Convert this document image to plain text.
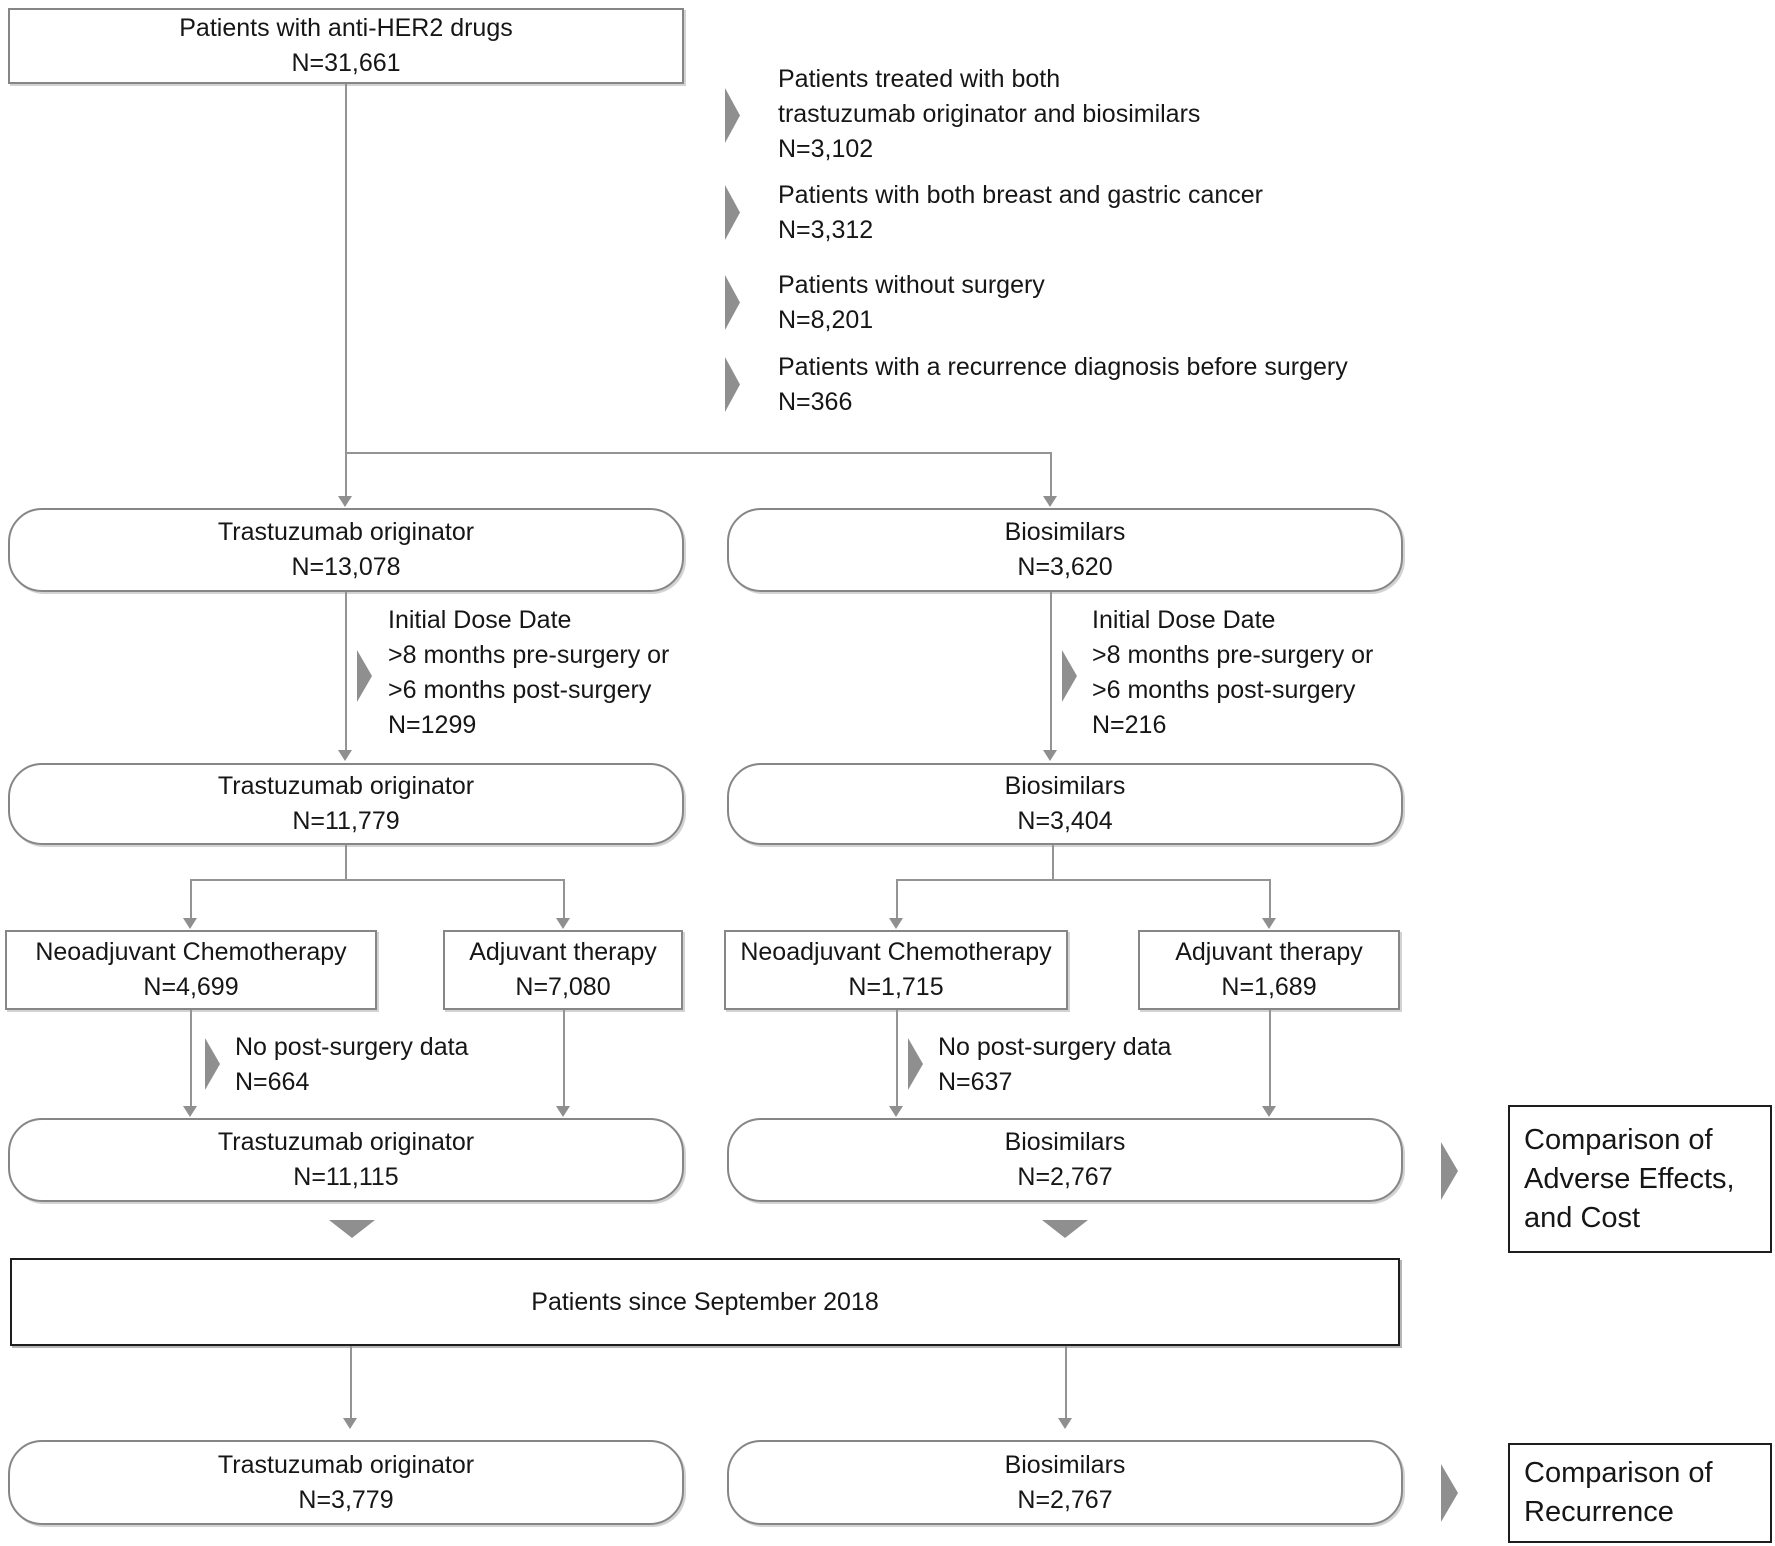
Patients with anti-HER2 drugs
N=31,661
Patients treated with both
trastuzumab originator and biosimilars
N=3,102
Patients with both breast and gastric cancer
N=3,312
Patients without surgery
N=8,201
Patients with a recurrence diagnosis before surgery
N=366
Trastuzumab originator
N=13,078
Biosimilars
N=3,620
Initial Dose Date
>8 months pre-surgery or
>6 months post-surgery
N=1299
Initial Dose Date
>8 months pre-surgery or
>6 months post-surgery
N=216
Trastuzumab originator
N=11,779
Biosimilars
N=3,404
Neoadjuvant Chemotherapy
N=4,699
Adjuvant therapy
N=7,080
Neoadjuvant Chemotherapy
N=1,715
Adjuvant therapy
N=1,689
No post-surgery data
N=664
No post-surgery data
N=637
Trastuzumab originator
N=11,115
Biosimilars
N=2,767
Comparison of
Adverse Effects,
and Cost
Patients since September 2018
Trastuzumab originator
N=3,779
Biosimilars
N=2,767
Comparison of
Recurrence
